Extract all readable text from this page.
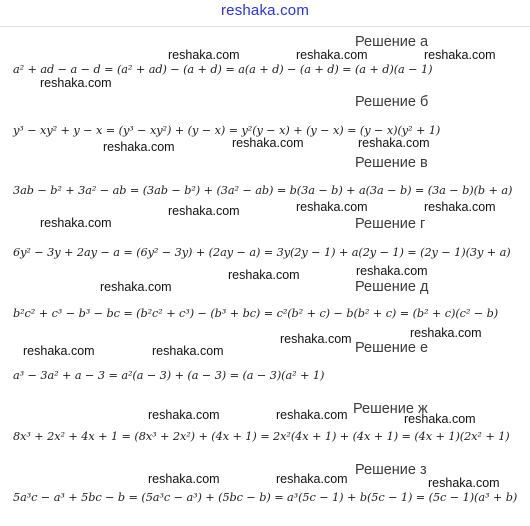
reshaka.com
Решение а
a² + ad − a − d = (a² + ad) − (a + d) = a(a + d) − (a + d) = (a + d)(a − 1)
Решение б
y³ − xy² + y − x = (y³ − xy²) + (y − x) = y²(y − x) + (y − x) = (y − x)(y² + 1)
Решение в
3ab − b² + 3a² − ab = (3ab − b²) + (3a² − ab) = b(3a − b) + a(3a − b) = (3a − b)(b + a)
Решение г
6y² − 3y + 2ay − a = (6y² − 3y) + (2ay − a) = 3y(2y − 1) + a(2y − 1) = (2y − 1)(3y + a)
Решение д
b²c² + c³ − b³ − bc = (b²c² + c³) − (b³ + bc) = c²(b² + c) − b(b² + c) = (b² + c)(c² − b)
Решение е
a³ − 3a² + a − 3 = a²(a − 3) + (a − 3) = (a − 3)(a² + 1)
Решение ж
8x³ + 2x² + 4x + 1 = (8x³ + 2x²) + (4x + 1) = 2x²(4x + 1) + (4x + 1) = (4x + 1)(2x² + 1)
Решение з
5a³c − a³ + 5bc − b = (5a³c − a³) + (5bc − b) = a³(5c − 1) + b(5c − 1) = (5c − 1)(a³ + b)
reshaka.com	reshaka.com	reshaka.com
reshaka.com
reshaka.com	reshaka.com	reshaka.com
reshaka.com	reshaka.com	reshaka.com
reshaka.com
reshaka.com	reshaka.com
reshaka.com
reshaka.com	reshaka.com
reshaka.com	reshaka.com
reshaka.com	reshaka.com	reshaka.com
reshaka.com	reshaka.com	reshaka.com
